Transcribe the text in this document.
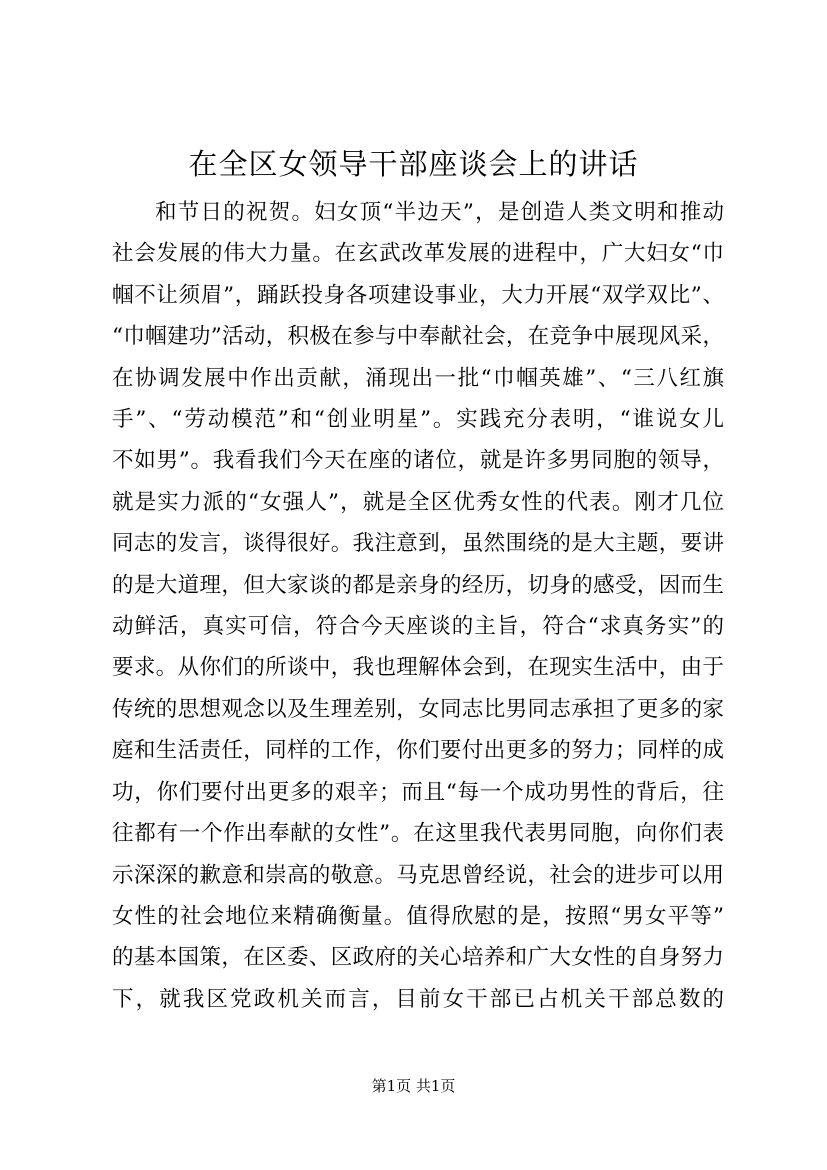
在全区女领导干部座谈会上的讲话
和节日的祝贺。妇女顶“半边天”，是创造人类文明和推动
社会发展的伟大力量。在玄武改革发展的进程中，广大妇女“巾
帼不让须眉”，踊跃投身各项建设事业，大力开展“双学双比”、
“巾帼建功”活动，积极在参与中奉献社会，在竞争中展现风采，
在协调发展中作出贡献，涌现出一批“巾帼英雄”、“三八红旗
手”、“劳动模范”和“创业明星”。实践充分表明，“谁说女儿
不如男”。我看我们今天在座的诸位，就是许多男同胞的领导，
就是实力派的“女强人”，就是全区优秀女性的代表。刚才几位
同志的发言，谈得很好。我注意到，虽然围绕的是大主题，要讲
的是大道理，但大家谈的都是亲身的经历，切身的感受，因而生
动鲜活，真实可信，符合今天座谈的主旨，符合“求真务实”的
要求。从你们的所谈中，我也理解体会到，在现实生活中，由于
传统的思想观念以及生理差别，女同志比男同志承担了更多的家
庭和生活责任，同样的工作，你们要付出更多的努力；同样的成
功，你们要付出更多的艰辛；而且“每一个成功男性的背后，往
往都有一个作出奉献的女性”。在这里我代表男同胞，向你们表
示深深的歉意和崇高的敬意。马克思曾经说，社会的进步可以用
女性的社会地位来精确衡量。值得欣慰的是，按照“男女平等”
的基本国策，在区委、区政府的关心培养和广大女性的自身努力
下，就我区党政机关而言，目前女干部已占机关干部总数的
第1页 共1页
